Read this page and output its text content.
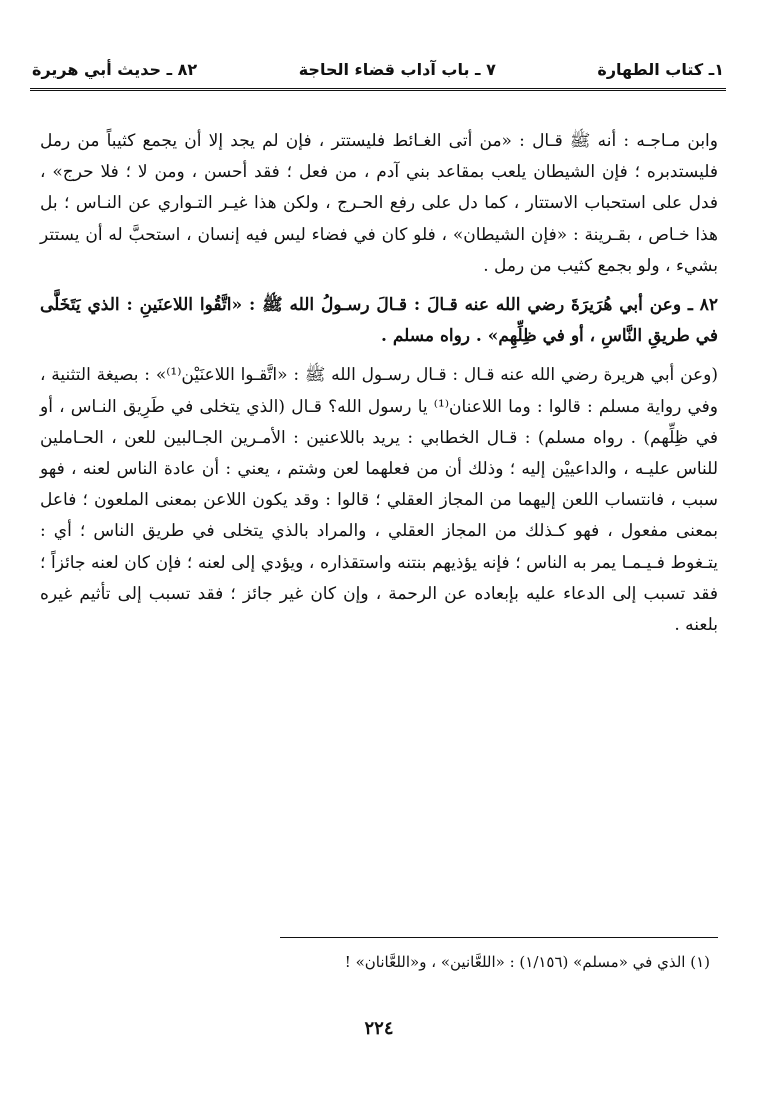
١ـ كتاب الطهارة
٧ ـ باب آداب قضاء الحاجة
٨٢ ـ حديث أبي هريرة

وابن مـاجـه : أنه ﷺ قـال : «من أتى الغـائط فليستتر ، فإن لم يجد إلا أن يجمع كثيباً من رمل فليستدبره ؛ فإن الشيطان يلعب بمقاعد بني آدم ، من فعل ؛ فقد أحسن ، ومن لا ؛ فلا حرج» ، فدل على استحباب الاستتار ، كما دل على رفع الحـرج ، ولكن هذا غيـر التـواري عن النـاس ؛ بل هذا خـاص ، بقـرينة : «فإن الشيطان» ، فلو كان في فضاء ليس فيه إنسان ، استحبَّ له أن يستتر بشيء ، ولو بجمع كثيب من رمل .

٨٢ ـ وعن أبي هُرَيرَةَ رضي الله عنه قـالَ : قـالَ رسـولُ الله ﷺ : «اتَّقُوا اللاعنَينِ : الذي يَتَخَلَّى في طريقِ النَّاسِ ، أو في ظِلِّهِم» . رواه مسلم .

(وعن أبي هريرة رضي الله عنه قـال : قـال رسـول الله ﷺ : «اتَّقـوا اللاعنَيْن⁽¹⁾» : بصيغة التثنية ، وفي رواية مسلم : قالوا : وما اللاعنان⁽¹⁾ يا رسول الله؟ قـال (الذي يتخلى في طَرِيق النـاس ، أو في ظِلِّهم) . رواه مسلم) : قـال الخطابي : يريد باللاعنين : الأمـرين الجـالبين للعن ، الحـاملين للناس عليـه ، والداعييْن إليه ؛ وذلك أن من فعلهما لعن وشتم ، يعني : أن عادة الناس لعنه ، فهو سبب ، فانتساب اللعن إليهما من المجاز العقلي ؛ قالوا : وقد يكون اللاعن بمعنى الملعون ؛ فاعل بمعنى مفعول ، فهو كـذلك من المجاز العقلي ، والمراد بالذي يتخلى في طريق الناس ؛ أي : يتـغوط فـيـمـا يمر به الناس ؛ فإنه يؤذيهم بنتنه واستقذاره ، ويؤدي إلى لعنه ؛ فإن كان لعنه جائزاً ؛ فقد تسبب إلى الدعاء عليه بإبعاده عن الرحمة ، وإن كان غير جائز ؛ فقد تسبب إلى تأثيم غيره بلعنه .

(١) الذي في «مسلم» (١/١٥٦) : «اللعَّانين» ، و«اللعَّانان» !
٢٢٤
